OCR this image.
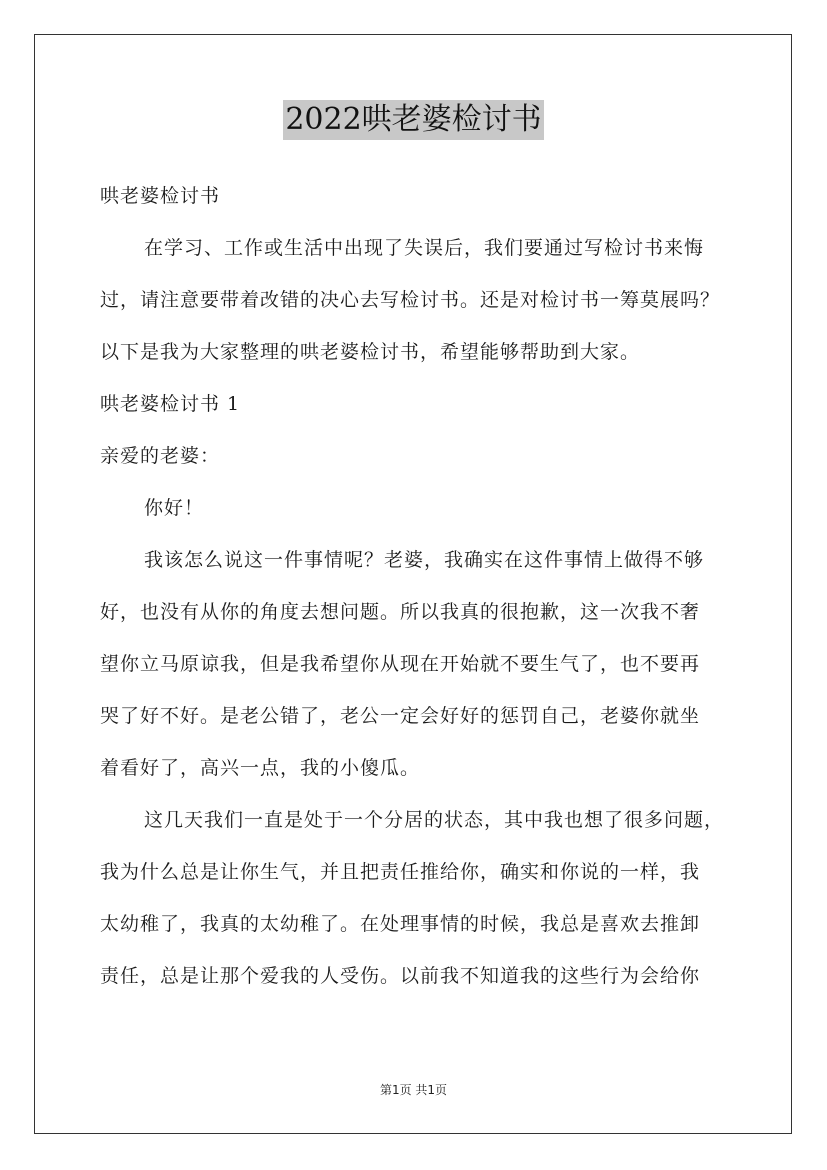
2022哄老婆检讨书
哄老婆检讨书
在学习、工作或生活中出现了失误后，我们要通过写检讨书来悔
过，请注意要带着改错的决心去写检讨书。还是对检讨书一筹莫展吗？
以下是我为大家整理的哄老婆检讨书，希望能够帮助到大家。
哄老婆检讨书 1
亲爱的老婆：
你好！
我该怎么说这一件事情呢？老婆，我确实在这件事情上做得不够
好，也没有从你的角度去想问题。所以我真的很抱歉，这一次我不奢
望你立马原谅我，但是我希望你从现在开始就不要生气了，也不要再
哭了好不好。是老公错了，老公一定会好好的惩罚自己，老婆你就坐
着看好了，高兴一点，我的小傻瓜。
这几天我们一直是处于一个分居的状态，其中我也想了很多问题，
我为什么总是让你生气，并且把责任推给你，确实和你说的一样，我
太幼稚了，我真的太幼稚了。在处理事情的时候，我总是喜欢去推卸
责任，总是让那个爱我的人受伤。以前我不知道我的这些行为会给你
第1页 共1页
